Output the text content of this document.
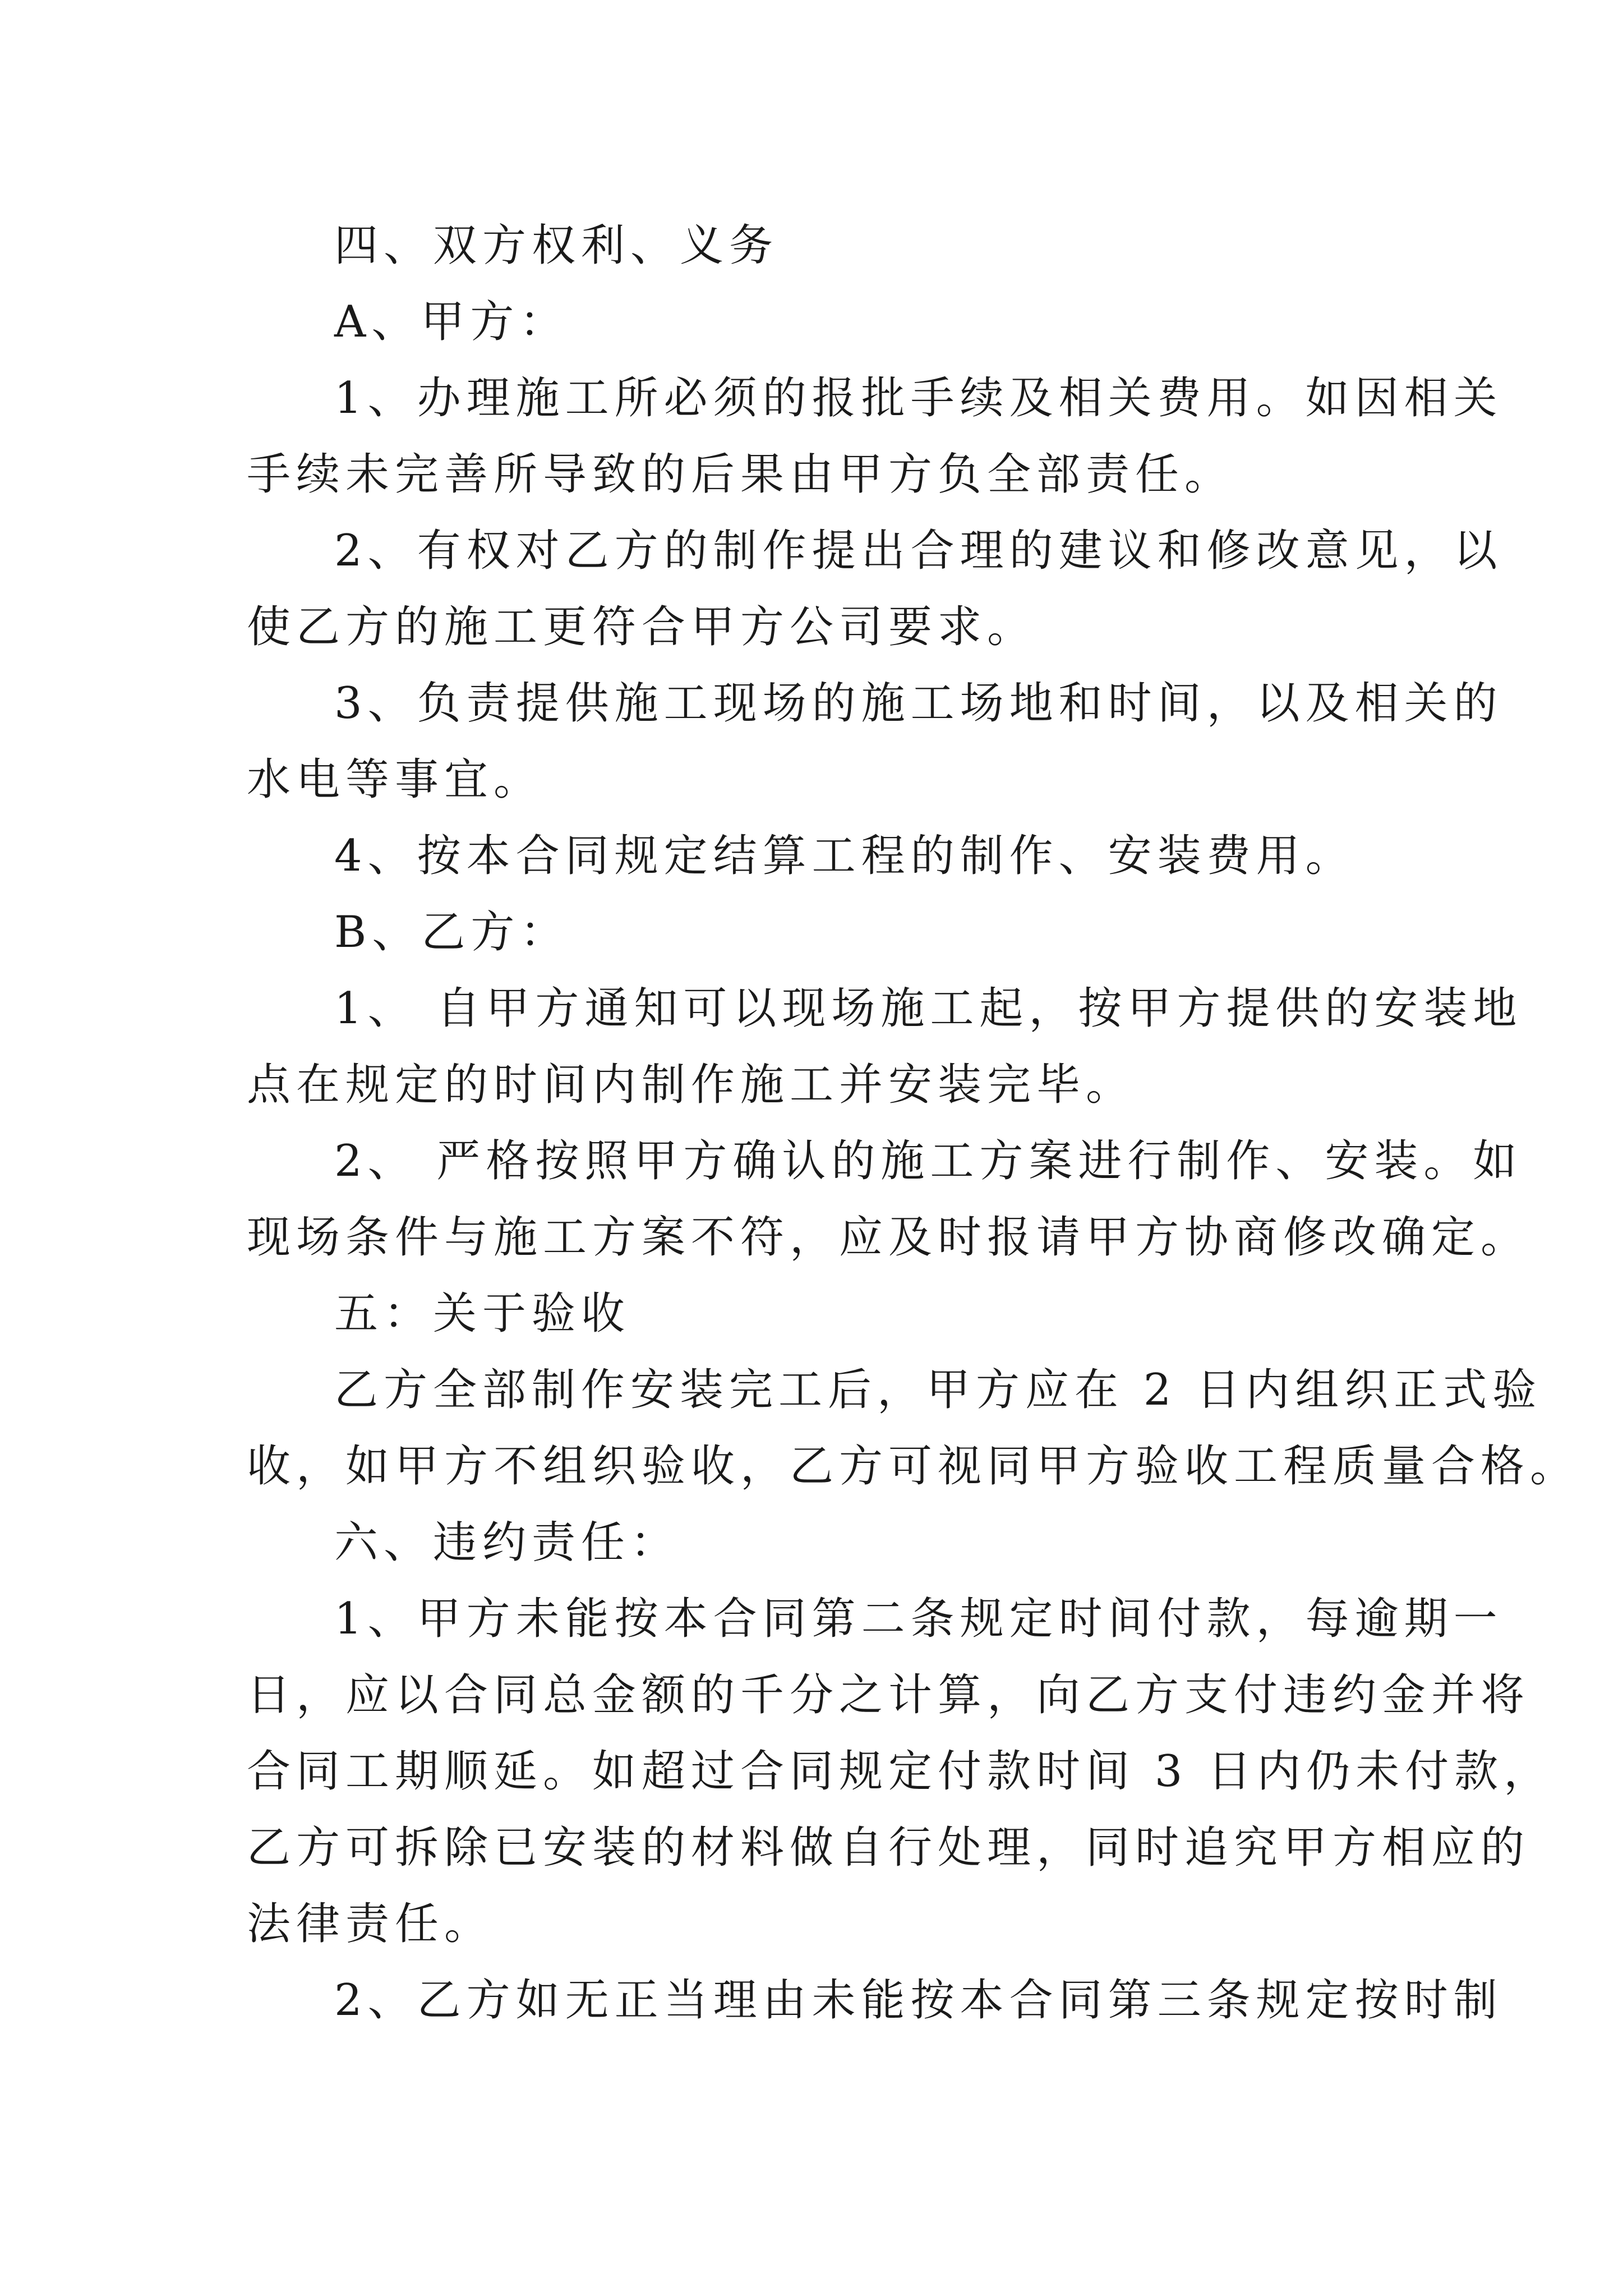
四、双方权利、义务
A、甲方：
1、办理施工所必须的报批手续及相关费用。如因相关
手续未完善所导致的后果由甲方负全部责任。
2、有权对乙方的制作提出合理的建议和修改意见，以
使乙方的施工更符合甲方公司要求。
3、负责提供施工现场的施工场地和时间，以及相关的
水电等事宜。
4、按本合同规定结算工程的制作、安装费用。
B、乙方：
1、 自甲方通知可以现场施工起，按甲方提供的安装地
点在规定的时间内制作施工并安装完毕。
2、 严格按照甲方确认的施工方案进行制作、安装。如
现场条件与施工方案不符，应及时报请甲方协商修改确定。
五：关于验收
乙方全部制作安装完工后，甲方应在 2 日内组织正式验
收，如甲方不组织验收，乙方可视同甲方验收工程质量合格。
六、违约责任：
1、甲方未能按本合同第二条规定时间付款，每逾期一
日，应以合同总金额的千分之计算，向乙方支付违约金并将
合同工期顺延。如超过合同规定付款时间 3 日内仍未付款，
乙方可拆除已安装的材料做自行处理，同时追究甲方相应的
法律责任。
2、乙方如无正当理由未能按本合同第三条规定按时制
